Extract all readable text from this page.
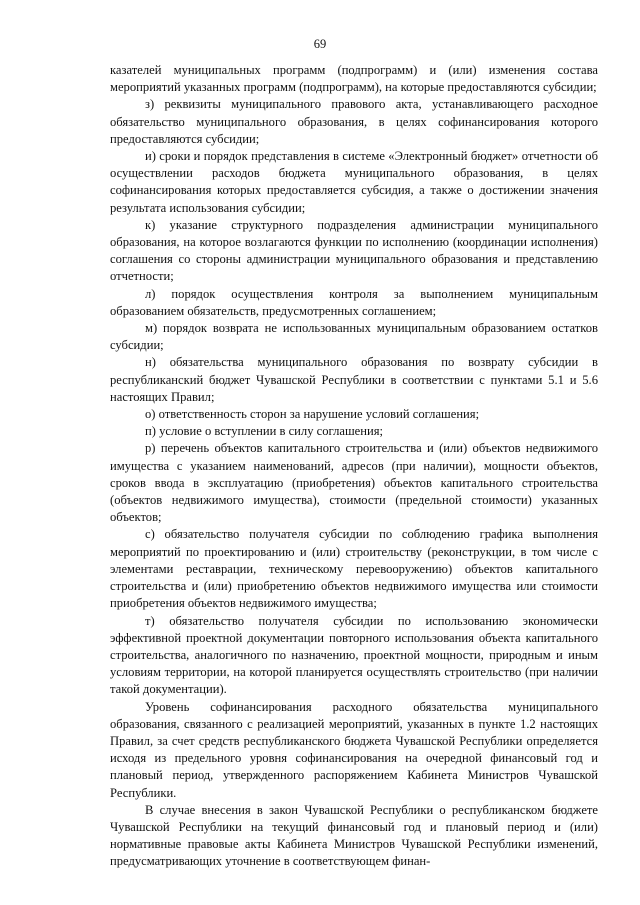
69

казателей муниципальных программ (подпрограмм) и (или) изменения состава мероприятий указанных программ (подпрограмм), на которые предоставляются субсидии;

з) реквизиты муниципального правового акта, устанавливающего расходное обязательство муниципального образования, в целях софинансирования которого предоставляются субсидии;

и) сроки и порядок представления в системе «Электронный бюджет» отчетности об осуществлении расходов бюджета муниципального образования, в целях софинансирования которых предоставляется субсидия, а также о достижении значения результата использования субсидии;

к) указание структурного подразделения администрации муниципального образования, на которое возлагаются функции по исполнению (координации исполнения) соглашения со стороны администрации муниципального образования и представлению отчетности;

л) порядок осуществления контроля за выполнением муниципальным образованием обязательств, предусмотренных соглашением;

м) порядок возврата не использованных муниципальным образованием остатков субсидии;

н) обязательства муниципального образования по возврату субсидии в республиканский бюджет Чувашской Республики в соответствии с пунктами 5.1 и 5.6 настоящих Правил;

о) ответственность сторон за нарушение условий соглашения;

п) условие о вступлении в силу соглашения;

р) перечень объектов капитального строительства и (или) объектов недвижимого имущества с указанием наименований, адресов (при наличии), мощности объектов, сроков ввода в эксплуатацию (приобретения) объектов капитального строительства (объектов недвижимого имущества), стоимости (предельной стоимости) указанных объектов;

с) обязательство получателя субсидии по соблюдению графика выполнения мероприятий по проектированию и (или) строительству (реконструкции, в том числе с элементами реставрации, техническому перевооружению) объектов капитального строительства и (или) приобретению объектов недвижимого имущества или стоимости приобретения объектов недвижимого имущества;

т) обязательство получателя субсидии по использованию экономически эффективной проектной документации повторного использования объекта капитального строительства, аналогичного по назначению, проектной мощности, природным и иным условиям территории, на которой планируется осуществлять строительство (при наличии такой документации).

Уровень софинансирования расходного обязательства муниципального образования, связанного с реализацией мероприятий, указанных в пункте 1.2 настоящих Правил, за счет средств республиканского бюджета Чувашской Республики определяется исходя из предельного уровня софинансирования на очередной финансовый год и плановый период, утвержденного распоряжением Кабинета Министров Чувашской Республики.

В случае внесения в закон Чувашской Республики о республиканском бюджете Чувашской Республики на текущий финансовый год и плановый период и (или) нормативные правовые акты Кабинета Министров Чувашской Республики изменений, предусматривающих уточнение в соответствующем финан-
